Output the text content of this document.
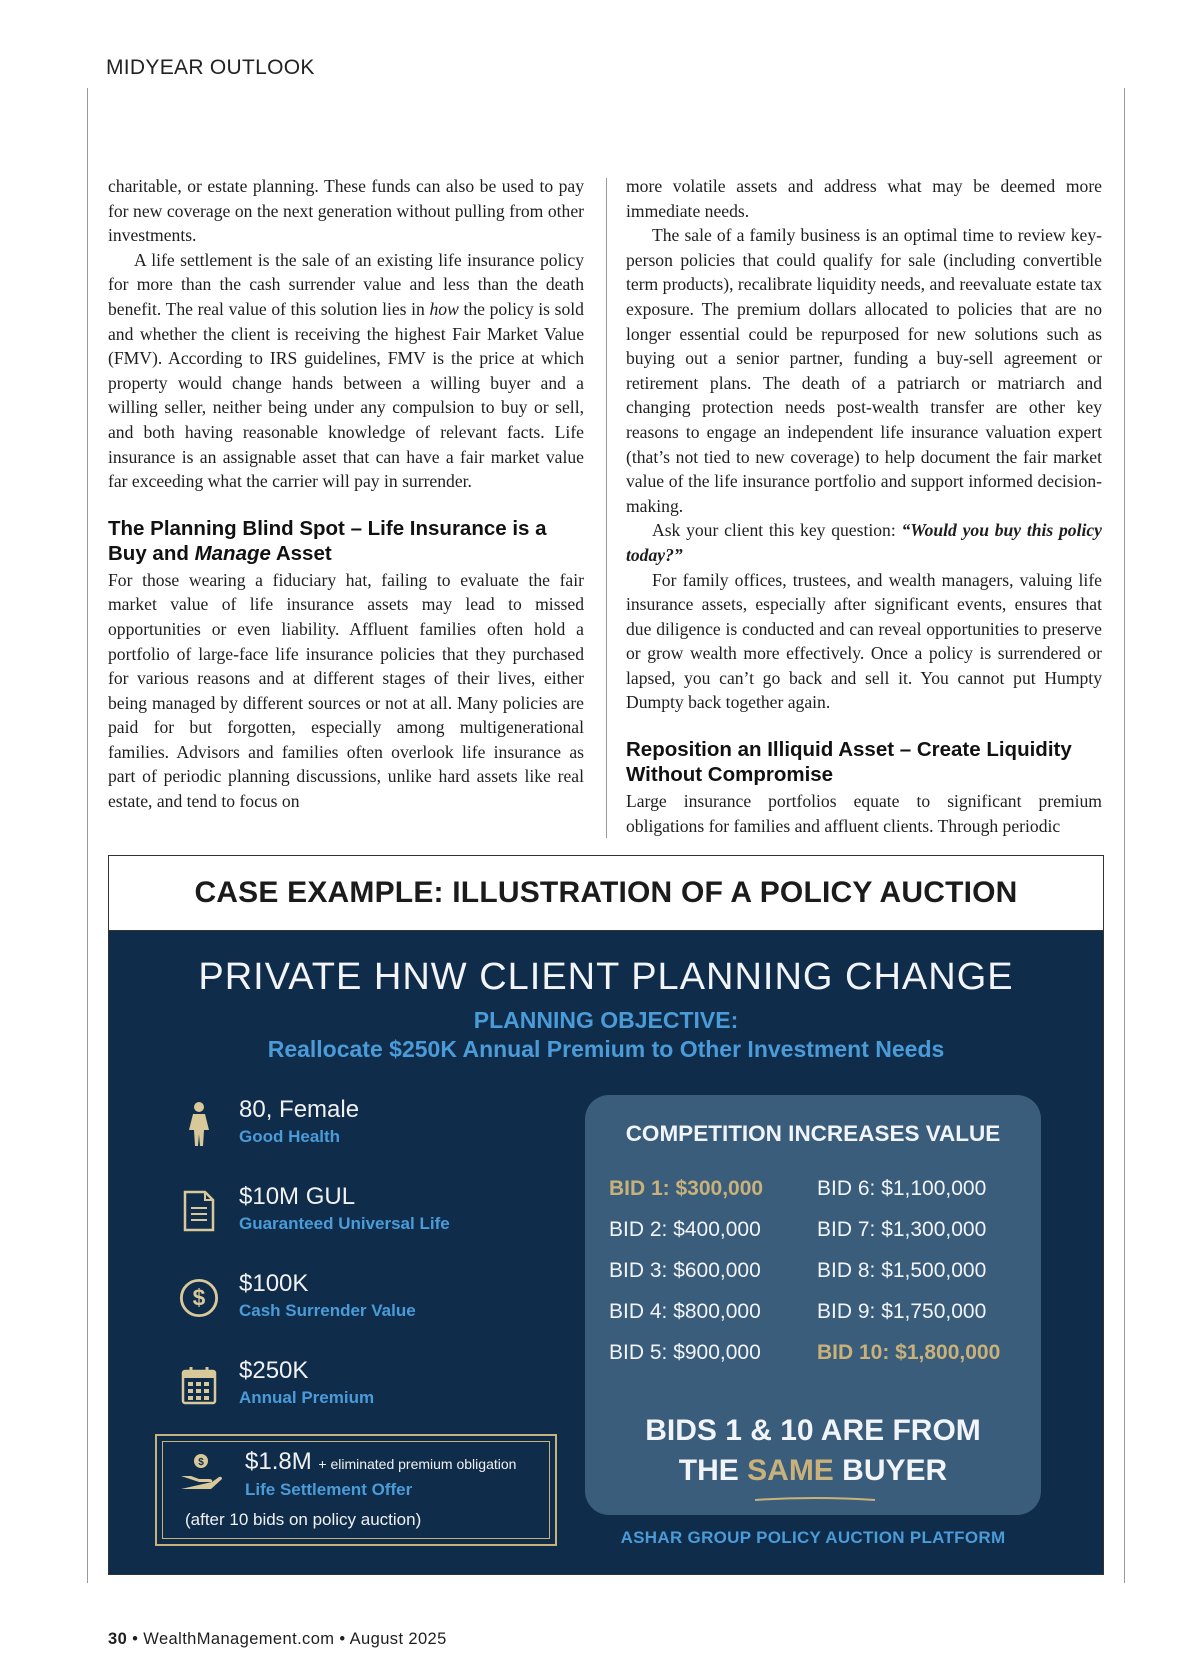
MIDYEAR OUTLOOK

charitable, or estate planning. These funds can also be used to pay for new coverage on the next generation without pulling from other investments.

A life settlement is the sale of an existing life insurance policy for more than the cash surrender value and less than the death benefit. The real value of this solution lies in how the policy is sold and whether the client is receiving the highest Fair Market Value (FMV). According to IRS guidelines, FMV is the price at which property would change hands between a willing buyer and a willing seller, neither being under any compulsion to buy or sell, and both having reasonable knowledge of relevant facts. Life insurance is an assignable asset that can have a fair market value far exceeding what the carrier will pay in surrender.

The Planning Blind Spot – Life Insurance is a Buy and Manage Asset

For those wearing a fiduciary hat, failing to evaluate the fair market value of life insurance assets may lead to missed opportunities or even liability. Affluent families often hold a portfolio of large-face life insurance policies that they purchased for various reasons and at different stages of their lives, either being managed by different sources or not at all. Many policies are paid for but forgotten, especially among multigenerational families. Advisors and families often overlook life insurance as part of periodic planning discussions, unlike hard assets like real estate, and tend to focus on

more volatile assets and address what may be deemed more immediate needs.

The sale of a family business is an optimal time to review key-person policies that could qualify for sale (including convertible term products), recalibrate liquidity needs, and reevaluate estate tax exposure. The premium dollars allocated to policies that are no longer essential could be repurposed for new solutions such as buying out a senior partner, funding a buy-sell agreement or retirement plans. The death of a patriarch or matriarch and changing protection needs post-wealth transfer are other key reasons to engage an independent life insurance valuation expert (that’s not tied to new coverage) to help document the fair market value of the life insurance portfolio and support informed decision-making.

Ask your client this key question: “Would you buy this policy today?”

For family offices, trustees, and wealth managers, valuing life insurance assets, especially after significant events, ensures that due diligence is conducted and can reveal opportunities to preserve or grow wealth more effectively. Once a policy is surrendered or lapsed, you can’t go back and sell it. You cannot put Humpty Dumpty back together again.

Reposition an Illiquid Asset – Create Liquidity Without Compromise

Large insurance portfolios equate to significant premium obligations for families and affluent clients. Through periodic

CASE EXAMPLE: ILLUSTRATION OF A POLICY AUCTION
PRIVATE HNW CLIENT PLANNING CHANGE
PLANNING OBJECTIVE:
Reallocate $250K Annual Premium to Other Investment Needs
80, Female
Good Health
$10M GUL
Guaranteed Universal Life
$
$100K
Cash Surrender Value
$250K
Annual Premium
$ $1.8M + eliminated premium obligation
Life Settlement Offer
(after 10 bids on policy auction)
COMPETITION INCREASES VALUE
BID 1: $300,000
BID 2: $400,000
BID 3: $600,000
BID 4: $800,000
BID 5: $900,000
BID 6: $1,100,000
BID 7: $1,300,000
BID 8: $1,500,000
BID 9: $1,750,000
BID 10: $1,800,000
BIDS 1 & 10 ARE FROM
THE SAME BUYER
ASHAR GROUP POLICY AUCTION PLATFORM
30 • WealthManagement.com • August 2025
